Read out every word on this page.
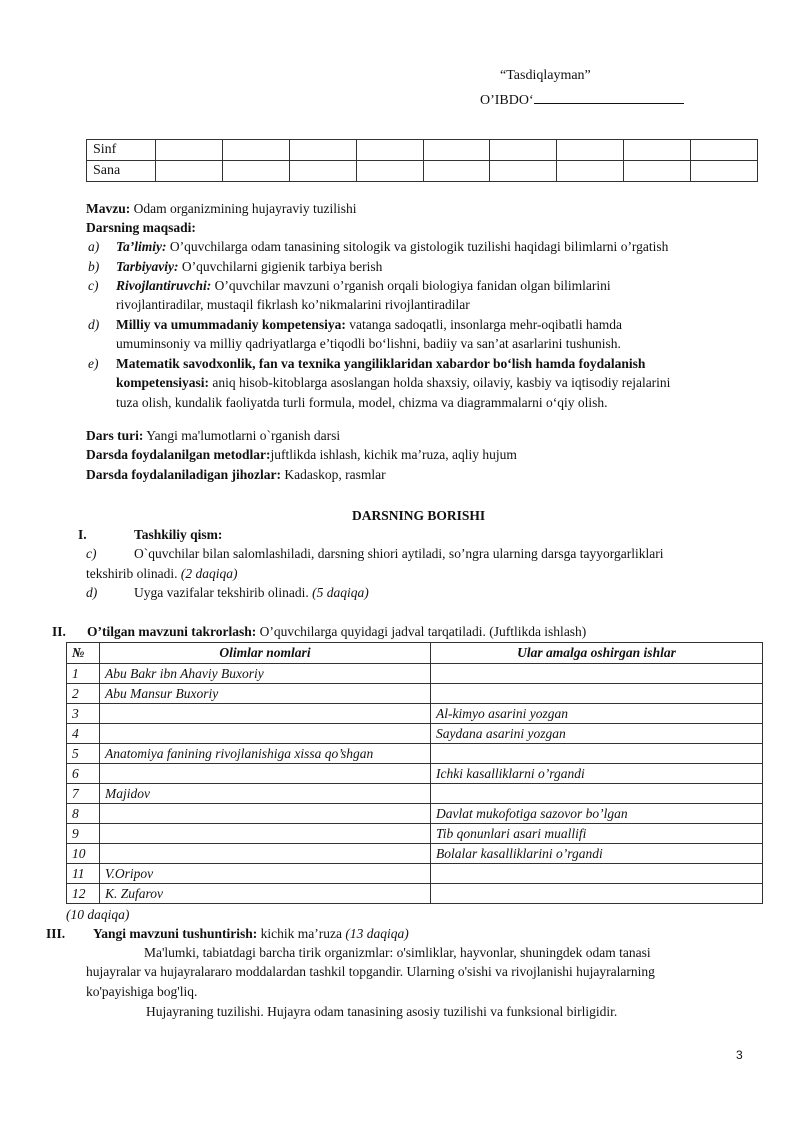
“Tasdiqlayman”
O’IBDO‘
Sinf									
Sana									
Mavzu: Odam organizmining hujayraviy tuzilishi
Darsning maqsadi:
a) Ta’limiy: O’quvchilarga odam tanasining sitologik va gistologik tuzilishi haqidagi bilimlarni o’rgatish
b) Tarbiyaviy: O’quvchilarni gigienik tarbiya berish
c) Rivojlantiruvchi: O’quvchilar mavzuni o’rganish orqali biologiya fanidan olgan bilimlarini
rivojlantiradilar, mustaqil fikrlash ko’nikmalarini rivojlantiradilar
d) Milliy va umummadaniy kompetensiya: vatanga sadoqatli, insonlarga mehr-oqibatli hamda
umuminsoniy va milliy qadriyatlarga e’tiqodli bo‘lishni, badiiy va san’at asarlarini tushunish.
e) Matematik savodxonlik, fan va texnika yangiliklaridan xabardor bo‘lish hamda foydalanish
kompetensiyasi: aniq hisob-kitoblarga asoslangan holda shaxsiy, oilaviy, kasbiy va iqtisodiy rejalarini
tuza olish, kundalik faoliyatda turli formula, model, chizma va diagrammalarni o‘qiy olish.
Dars turi: Yangi ma'lumotlarni o`rganish darsi
Darsda foydalanilgan metodlar:juftlikda ishlash, kichik ma’ruza, aqliy hujum
Darsda foydalaniladigan jihozlar: Kadaskop, rasmlar
DARSNING BORISHI
I.	Tashkiliy qism:
c)	O`quvchilar bilan salomlashiladi, darsning shiori aytiladi, so’ngra ularning darsga tayyorgarliklari
tekshirib olinadi. (2 daqiqa)
d)	Uyga vazifalar tekshirib olinadi. (5 daqiqa)
II. O’tilgan mavzuni takrorlash: O’quvchilarga quyidagi jadval tarqatiladi. (Juftlikda ishlash)
№	Olimlar nomlari	Ular amalga oshirgan ishlar
1	Abu Bakr ibn Ahaviy Buxoriy	
2	Abu Mansur Buxoriy	
3		Al-kimyo asarini yozgan
4		Saydana asarini yozgan
5	Anatomiya fanining rivojlanishiga xissa qo’shgan	
6		Ichki kasalliklarni o’rgandi
7	Majidov	
8		Davlat mukofotiga sazovor bo’lgan
9		Tib qonunlari asari muallifi
10		Bolalar kasalliklarini o’rgandi
11	V.Oripov	
12	K. Zufarov	
(10 daqiqa)
III. Yangi mavzuni tushuntirish: kichik ma’ruza (13 daqiqa)
Ma'lumki, tabiatdagi barcha tirik organizmlar: o'simliklar, hayvonlar, shuningdek odam tanasi
hujayralar va hujayralararo moddalardan tashkil topgandir. Ularning o'sishi va rivojlanishi hujayralarning
ko'payishiga bog'liq.
Hujayraning tuzilishi. Hujayra odam tanasining asosiy tuzilishi va funksional birligidir.
3
